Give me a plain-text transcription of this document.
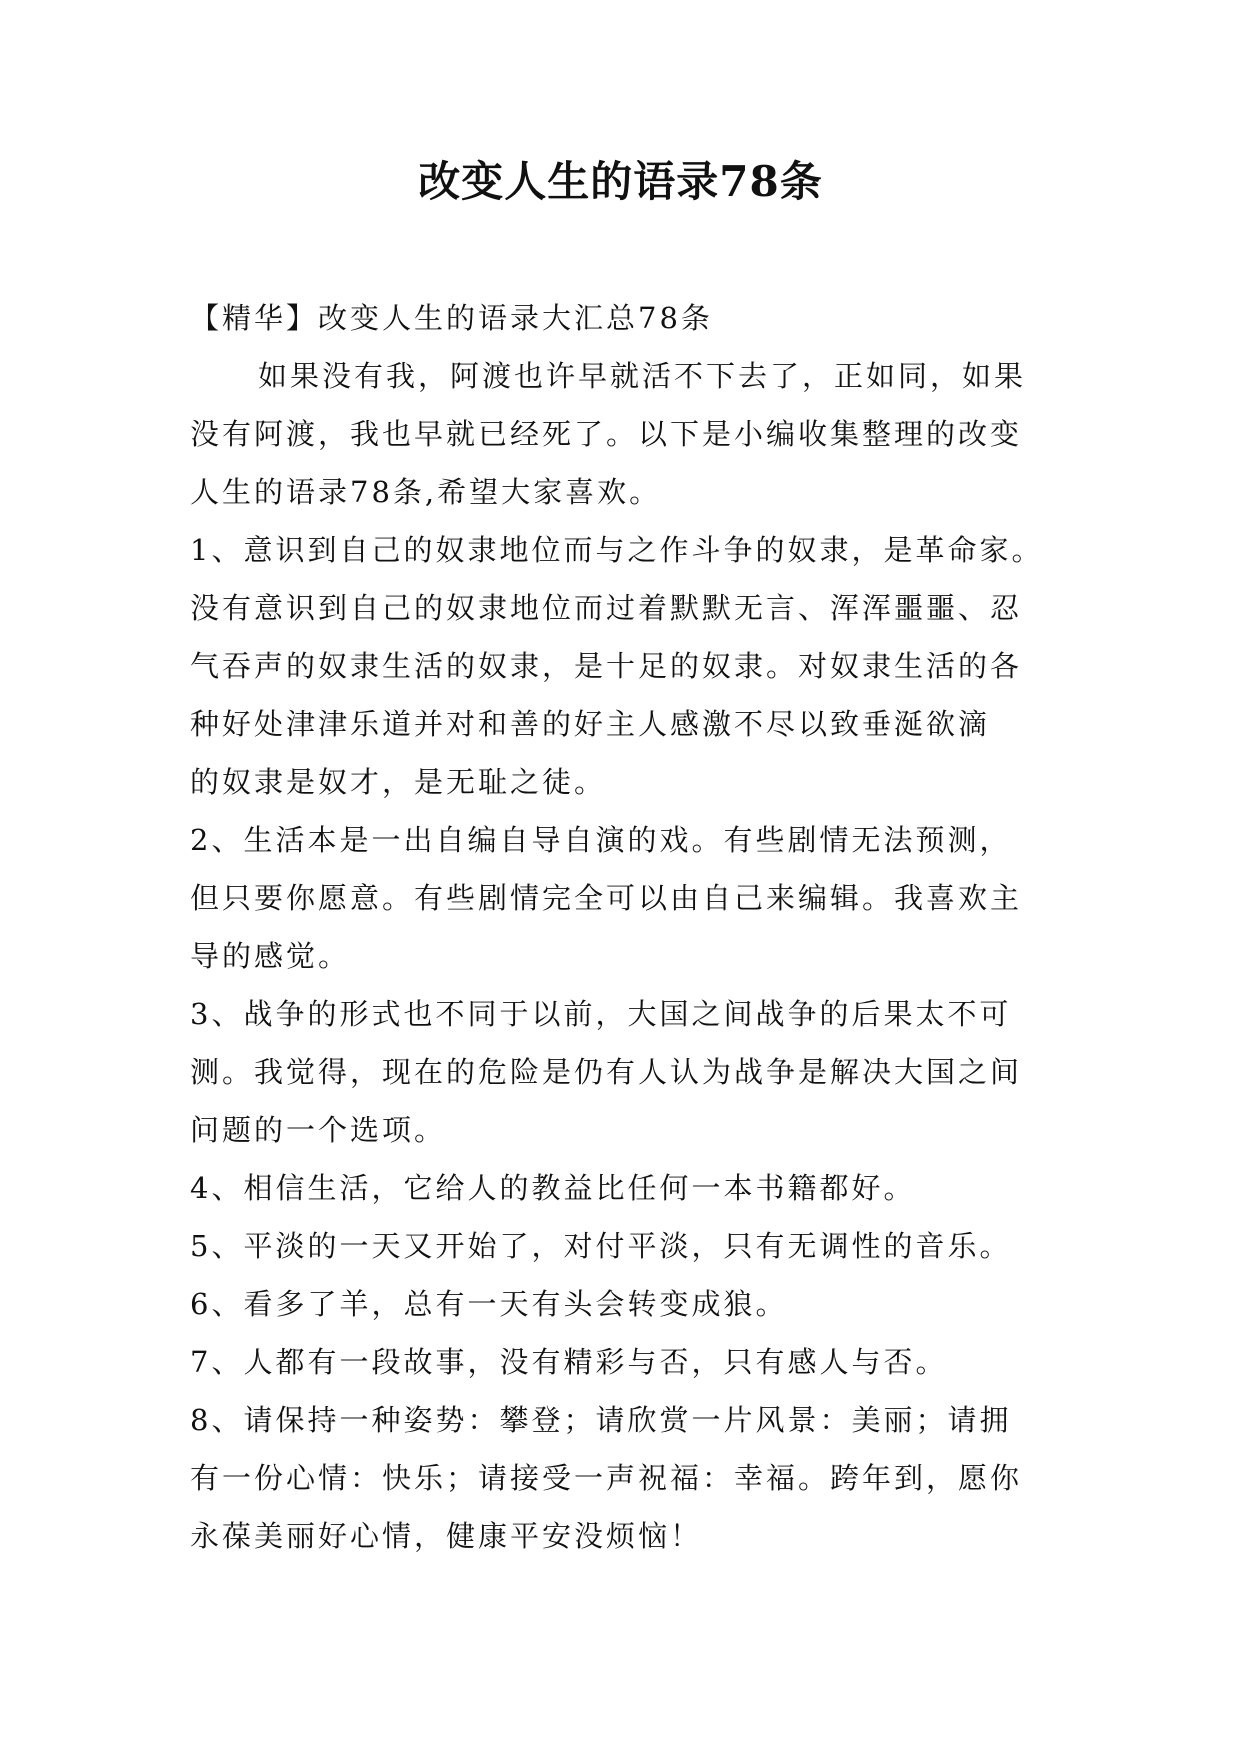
改变人生的语录78条
【精华】改变人生的语录大汇总78条
如果没有我，阿渡也许早就活不下去了，正如同，如果
没有阿渡，我也早就已经死了。以下是小编收集整理的改变
人生的语录78条,希望大家喜欢。
1、意识到自己的奴隶地位而与之作斗争的奴隶，是革命家。
没有意识到自己的奴隶地位而过着默默无言、浑浑噩噩、忍
气吞声的奴隶生活的奴隶，是十足的奴隶。对奴隶生活的各
种好处津津乐道并对和善的好主人感激不尽以致垂涎欲滴
的奴隶是奴才，是无耻之徒。
2、生活本是一出自编自导自演的戏。有些剧情无法预测，
但只要你愿意。有些剧情完全可以由自己来编辑。我喜欢主
导的感觉。
3、战争的形式也不同于以前，大国之间战争的后果太不可
测。我觉得，现在的危险是仍有人认为战争是解决大国之间
问题的一个选项。
4、相信生活，它给人的教益比任何一本书籍都好。
5、平淡的一天又开始了，对付平淡，只有无调性的音乐。
6、看多了羊，总有一天有头会转变成狼。
7、人都有一段故事，没有精彩与否，只有感人与否。
8、请保持一种姿势：攀登；请欣赏一片风景：美丽；请拥
有一份心情：快乐；请接受一声祝福：幸福。跨年到，愿你
永葆美丽好心情，健康平安没烦恼！
